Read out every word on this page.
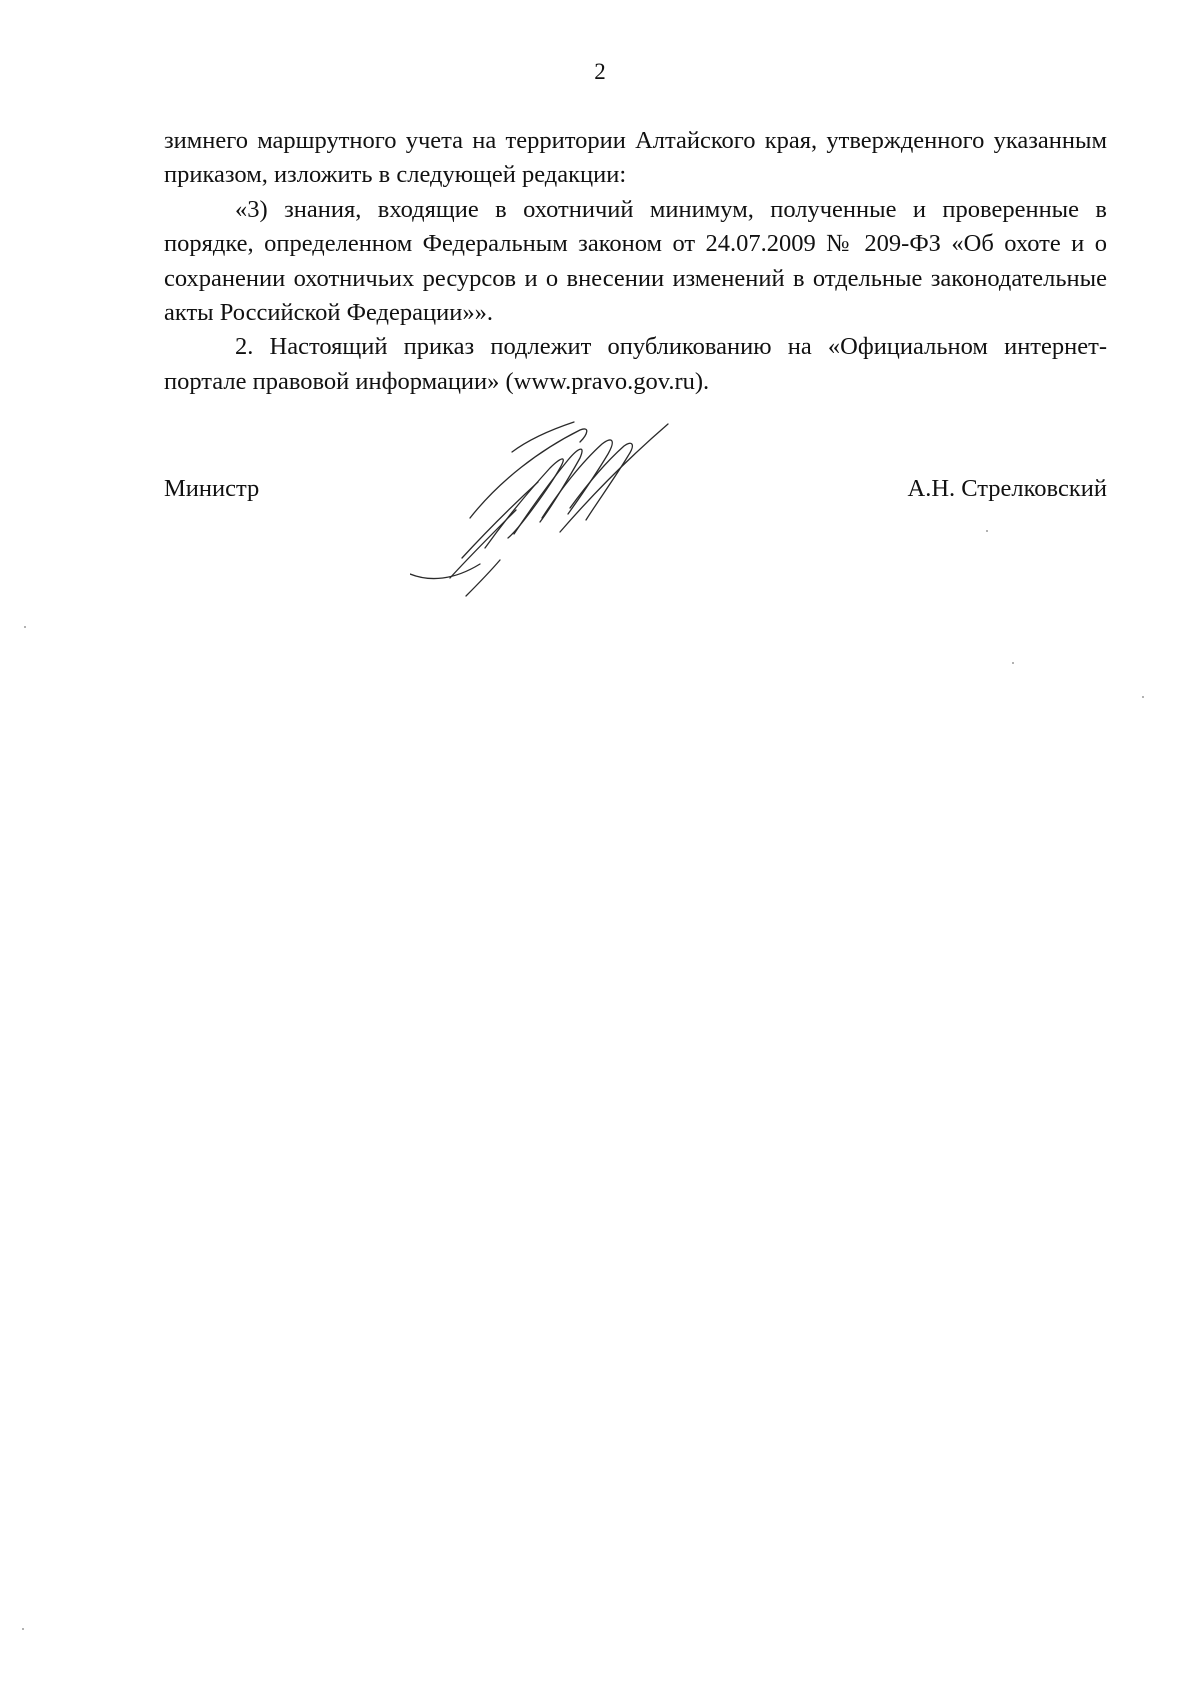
2

зимнего маршрутного учета на территории Алтайского края, утвержденного указанным приказом, изложить в следующей редакции:

«3) знания, входящие в охотничий минимум, полученные и проверенные в порядке, определенном Федеральным законом от 24.07.2009 № 209-ФЗ «Об охоте и о сохранении охотничьих ресурсов и о внесении изменений в отдельные законодательные акты Российской Федерации»».

2. Настоящий приказ подлежит опубликованию на «Официальном интернет-портале правовой информации» (www.pravo.gov.ru).

Министр	А.Н. Стрелковский
